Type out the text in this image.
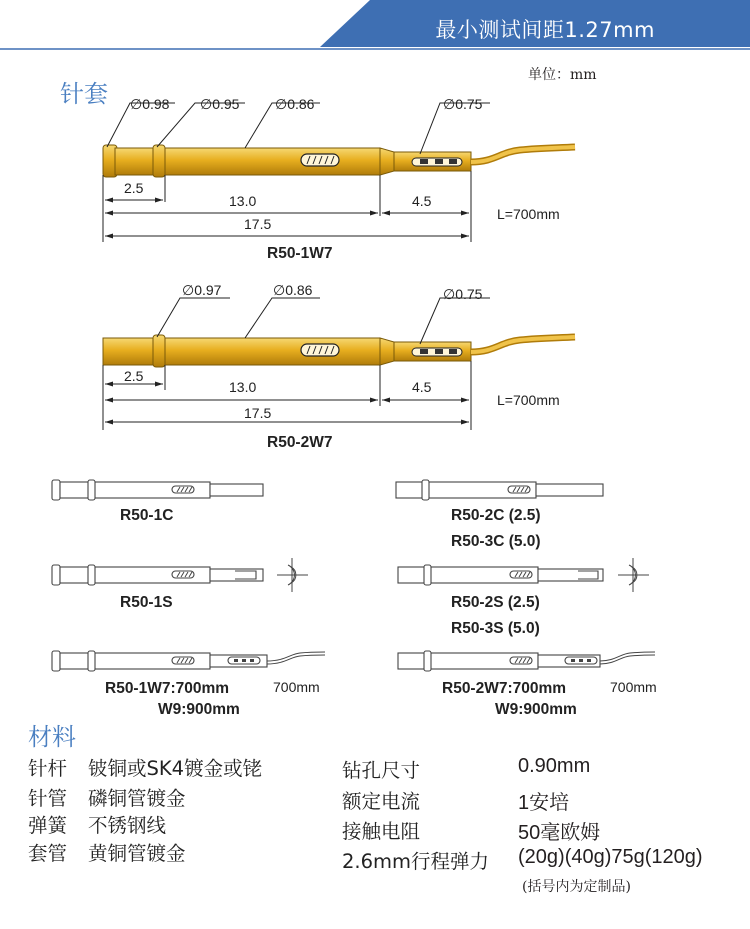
最小测试间距1.27mm
单位：mm
针套 ∅0.98 ∅0.95	∅0.86	∅0.75
2.5
13.0	4.5
17.5
L=700mm
R50-1W7
∅0.97	∅0.86	∅0.75
2.5
13.0	4.5
17.5
L=700mm
R50-2W7
R50-1C	R50-2C (2.5)
R50-3C (5.0)
R50-1S	R50-2S (2.5)
R50-3S (5.0)
R50-1W7:700mm
W9:900mm
700mm	R50-2W7:700mm
W9:900mm
700mm
材料
针杆 铍铜或SK4镀金或铑
针管 磷铜管镀金
弹簧 不锈钢线
套管 黄铜管镀金
钻孔尺寸	0.90mm
额定电流	1安培
接触电阻	50毫欧姆
2.6mm行程弹力 (20g)(40g)75g(120g)
(括号内为定制品)
